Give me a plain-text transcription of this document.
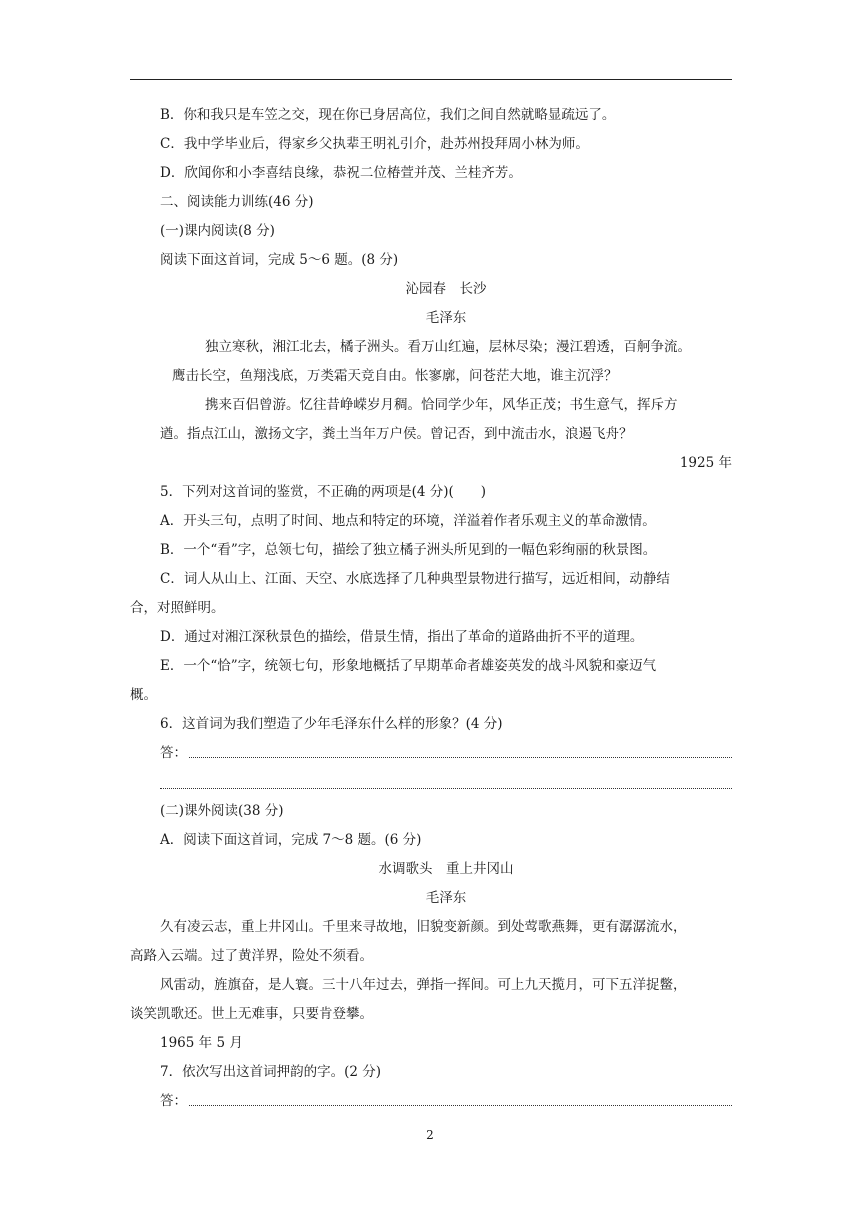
B．你和我只是车笠之交，现在你已身居高位，我们之间自然就略显疏远了。
C．我中学毕业后，得家乡父执辈王明礼引介，赴苏州投拜周小林为师。
D．欣闻你和小李喜结良缘，恭祝二位椿萱并茂、兰桂齐芳。
二、阅读能力训练(46 分)
(一)课内阅读(8 分)
阅读下面这首词，完成 5～6 题。(8 分)
沁园春　长沙
毛泽东
独立寒秋，湘江北去，橘子洲头。看万山红遍，层林尽染；漫江碧透，百舸争流。
鹰击长空，鱼翔浅底，万类霜天竞自由。怅寥廓，问苍茫大地，谁主沉浮？
携来百侣曾游。忆往昔峥嵘岁月稠。恰同学少年，风华正茂；书生意气，挥斥方
遒。指点江山，激扬文字，粪土当年万户侯。曾记否，到中流击水，浪遏飞舟？
1925 年
5．下列对这首词的鉴赏，不正确的两项是(4 分)(　　)
A．开头三句，点明了时间、地点和特定的环境，洋溢着作者乐观主义的革命激情。
B．一个“看”字，总领七句，描绘了独立橘子洲头所见到的一幅色彩绚丽的秋景图。
C．词人从山上、江面、天空、水底选择了几种典型景物进行描写，远近相间，动静结
合，对照鲜明。
D．通过对湘江深秋景色的描绘，借景生情，指出了革命的道路曲折不平的道理。
E．一个“恰”字，统领七句，形象地概括了早期革命者雄姿英发的战斗风貌和豪迈气
概。
6．这首词为我们塑造了少年毛泽东什么样的形象？(4 分)
答：
(二)课外阅读(38 分)
A．阅读下面这首词，完成 7～8 题。(6 分)
水调歌头　重上井冈山
毛泽东
久有凌云志，重上井冈山。千里来寻故地，旧貌变新颜。到处莺歌燕舞，更有潺潺流水，
高路入云端。过了黄洋界，险处不须看。
风雷动，旌旗奋，是人寰。三十八年过去，弹指一挥间。可上九天揽月，可下五洋捉鳖，
谈笑凯歌还。世上无难事，只要肯登攀。
1965 年 5 月
7．依次写出这首词押韵的字。(2 分)
答：
2
